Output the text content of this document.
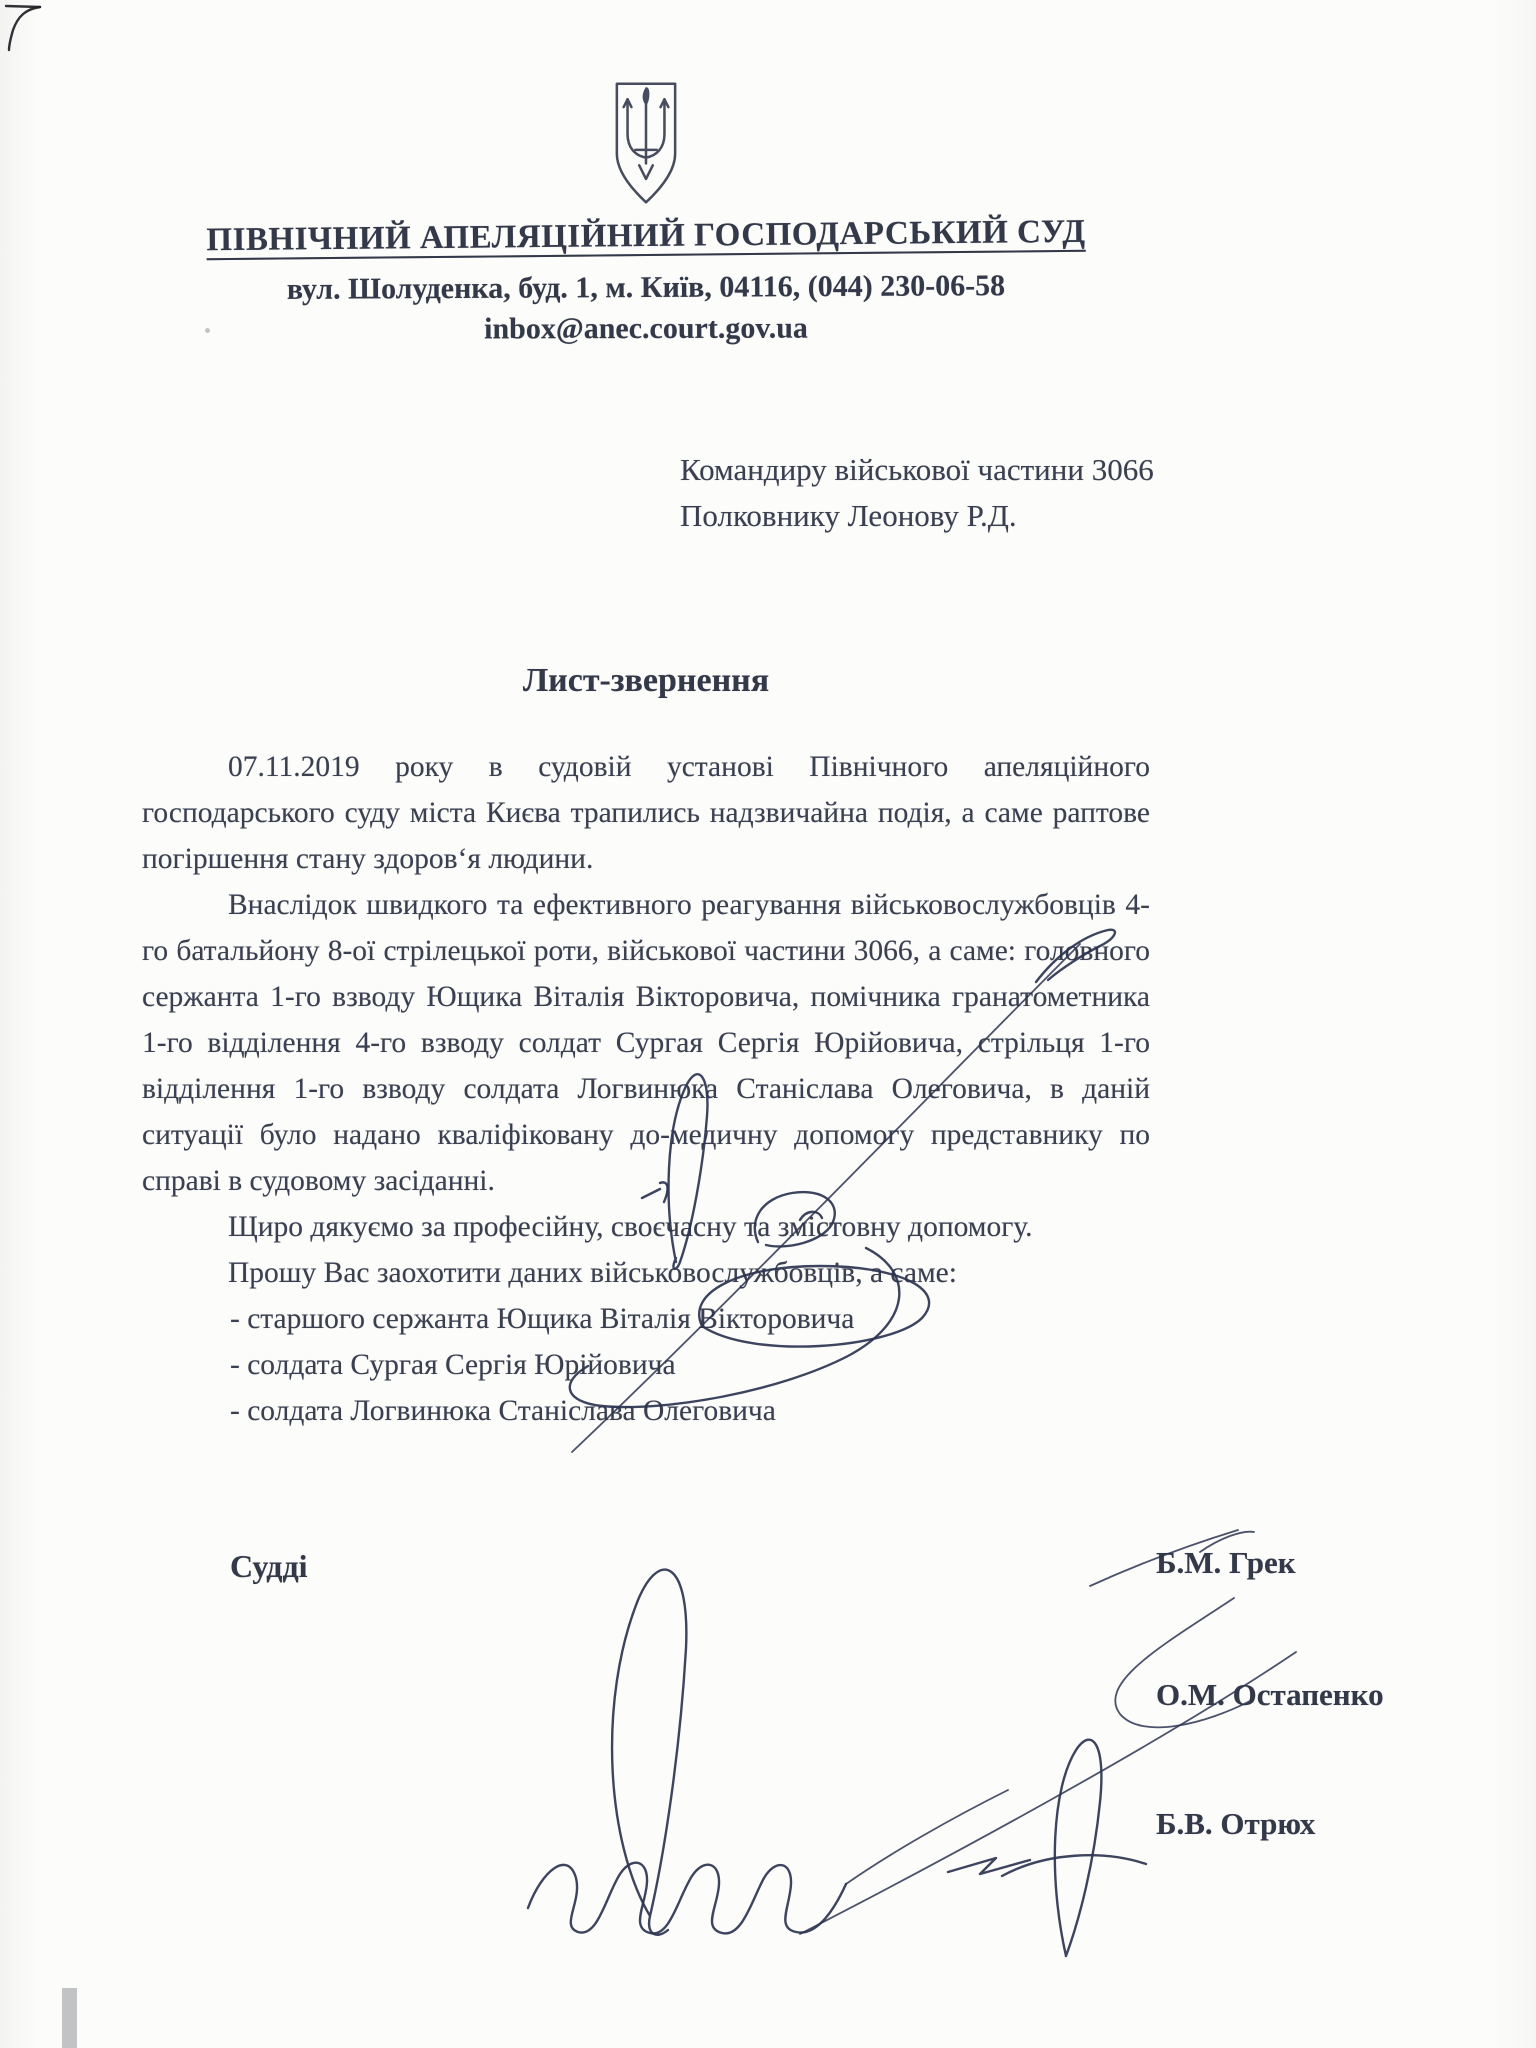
ПІВНІЧНИЙ АПЕЛЯЦІЙНИЙ ГОСПОДАРСЬКИЙ СУД
вул. Шолуденка, буд. 1, м. Київ, 04116, (044) 230-06-58
inbox@anec.court.gov.ua
Командиру військової частини 3066
Полковнику Леонову Р.Д.
Лист-звернення

07.11.2019 року в судовій установі Північного апеляційного господарського суду міста Києва трапились надзвичайна подія, а саме раптове погіршення стану здоров‘я людини.

Внаслідок швидкого та ефективного реагування військовослужбовців 4-го батальйону 8-ої стрілецької роти, військової частини 3066, а саме: головного сержанта 1-го взводу Ющика Віталія Вікторовича, помічника гранатометника 1-го відділення 4-го взводу солдат Сургая Сергія Юрійовича, стрільця 1-го відділення 1-го взводу солдата Логвинюка Станіслава Олеговича, в даній ситуації було надано кваліфіковану до-медичну допомогу представнику по справі в судовому засіданні.

Щиро дякуємо за професійну, своєчасну та змістовну допомогу.

Прошу Вас заохотити даних військовослужбовців, а саме:

- старшого сержанта Ющика Віталія Вікторовича

- солдата Сургая Сергія Юрійовича

- солдата Логвинюка Станіслава Олеговича

Судді	Б.М. Грек
О.М. Остапенко
Б.В. Отрюх
